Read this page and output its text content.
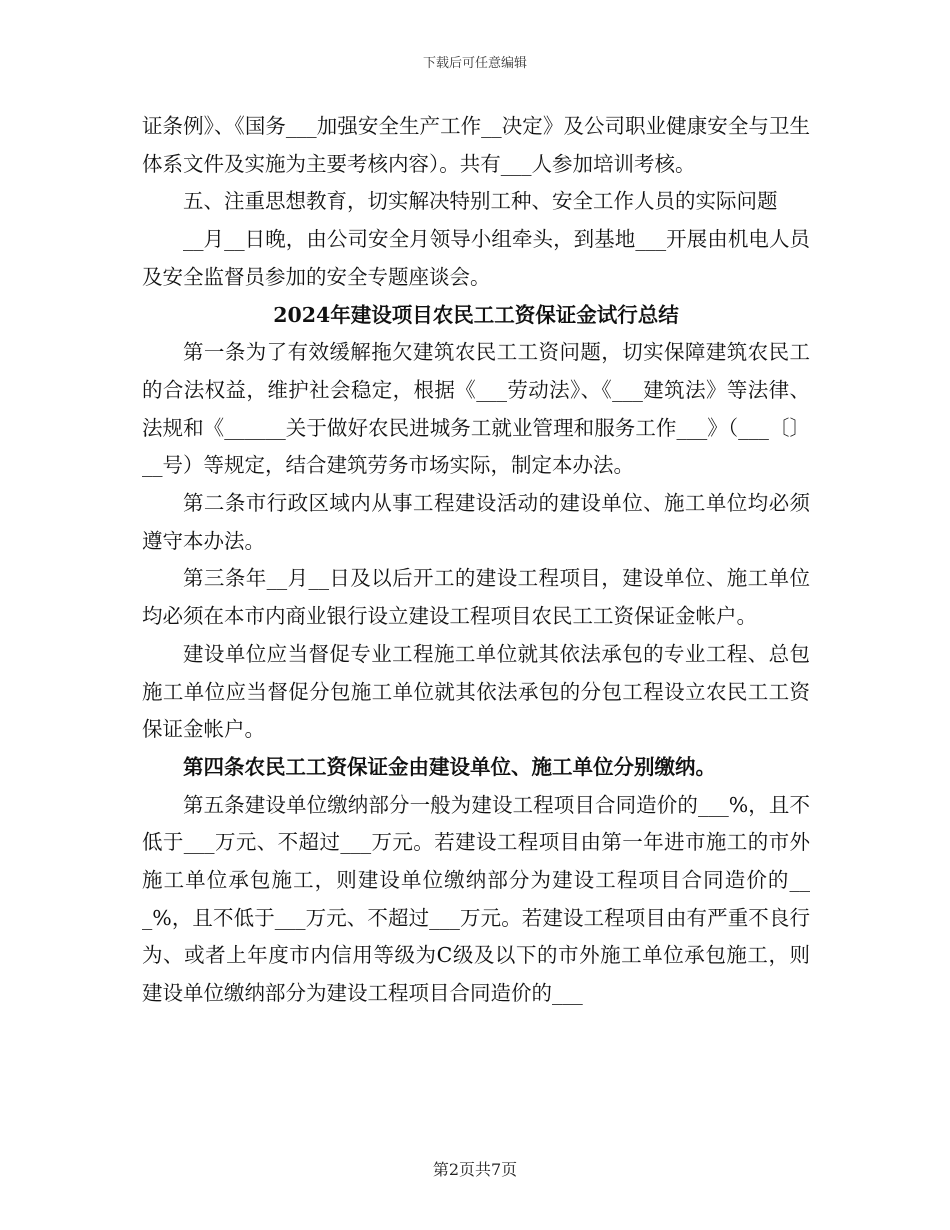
下载后可任意编辑

证条例》、《国务___加强安全生产工作__决定》及公司职业健康安全与卫生体系文件及实施为主要考核内容）。共有___人参加培训考核。

五、注重思想教育，切实解决特别工种、安全工作人员的实际问题

__月__日晚，由公司安全月领导小组牵头，到基地___开展由机电人员及安全监督员参加的安全专题座谈会。

2024年建设项目农民工工资保证金试行总结

第一条为了有效缓解拖欠建筑农民工工资问题，切实保障建筑农民工的合法权益，维护社会稳定，根据《___劳动法》、《___建筑法》等法律、法规和《______关于做好农民进城务工就业管理和服务工作___》（___〔〕__号）等规定，结合建筑劳务市场实际，制定本办法。

第二条市行政区域内从事工程建设活动的建设单位、施工单位均必须遵守本办法。

第三条年__月__日及以后开工的建设工程项目，建设单位、施工单位均必须在本市内商业银行设立建设工程项目农民工工资保证金帐户。

建设单位应当督促专业工程施工单位就其依法承包的专业工程、总包施工单位应当督促分包施工单位就其依法承包的分包工程设立农民工工资保证金帐户。

第四条农民工工资保证金由建设单位、施工单位分别缴纳。

第五条建设单位缴纳部分一般为建设工程项目合同造价的___%，且不低于___万元、不超过___万元。若建设工程项目由第一年进市施工的市外施工单位承包施工，则建设单位缴纳部分为建设工程项目合同造价的___%，且不低于___万元、不超过___万元。若建设工程项目由有严重不良行为、或者上年度市内信用等级为C级及以下的市外施工单位承包施工，则建设单位缴纳部分为建设工程项目合同造价的___

第2页共7页
